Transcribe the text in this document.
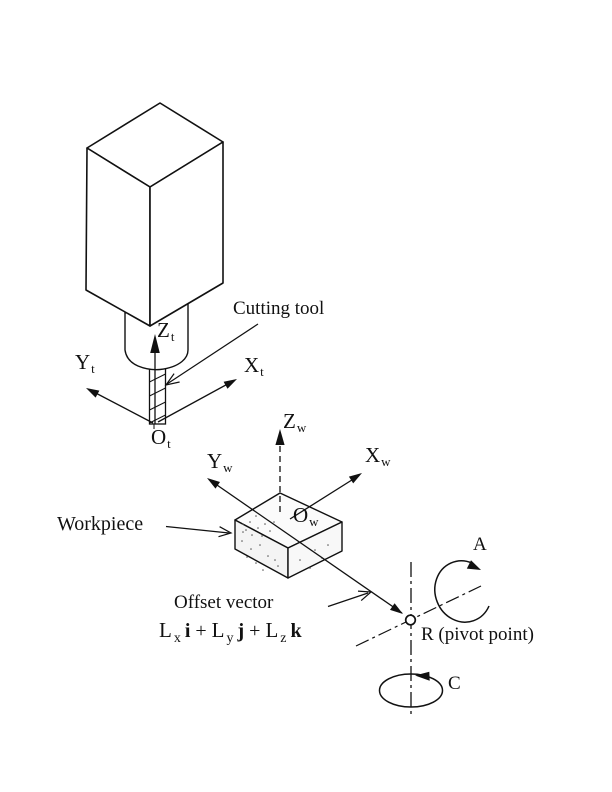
Cutting tool
$Z_t$
$Y_t$	$X_t$
$O_t$
$Z_w$
$Y_w$
$X_w$
$O_w$
Workpiece
Offset vector
L $_x$ i + L $_y$ j + L $_z$ k	R (pivot point)
A
C
